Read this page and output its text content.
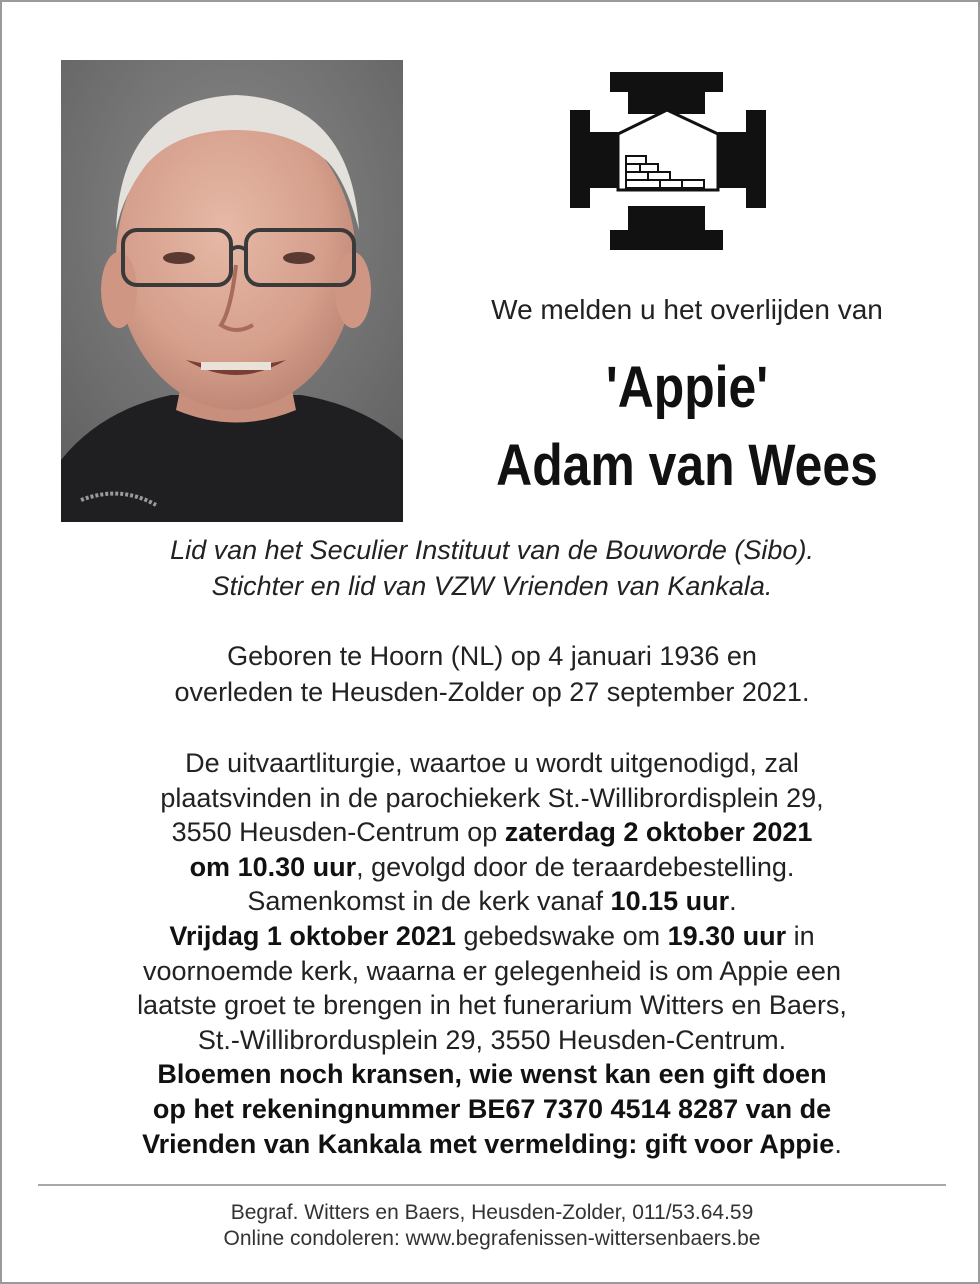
We melden u het overlijden van
'Appie'
Adam van Wees
Lid van het Seculier Instituut van de Bouworde (Sibo).
Stichter en lid van VZW Vrienden van Kankala.
Geboren te Hoorn (NL) op 4 januari 1936 en
overleden te Heusden-Zolder op 27 september 2021.
De uitvaartliturgie, waartoe u wordt uitgenodigd, zal
plaatsvinden in de parochiekerk St.-Willibrordisplein 29,
3550 Heusden-Centrum op zaterdag 2 oktober 2021
om 10.30 uur, gevolgd door de teraardebestelling.
Samenkomst in de kerk vanaf 10.15 uur.
Vrijdag 1 oktober 2021 gebedswake om 19.30 uur in
voornoemde kerk, waarna er gelegenheid is om Appie een
laatste groet te brengen in het funerarium Witters en Baers,
St.-Willibrordusplein 29, 3550 Heusden-Centrum.
Bloemen noch kransen, wie wenst kan een gift doen
op het rekeningnummer BE67 7370 4514 8287 van de
Vrienden van Kankala met vermelding: gift voor Appie.
Begraf. Witters en Baers, Heusden-Zolder, 011/53.64.59
Online condoleren: www.begrafenissen-wittersenbaers.be
